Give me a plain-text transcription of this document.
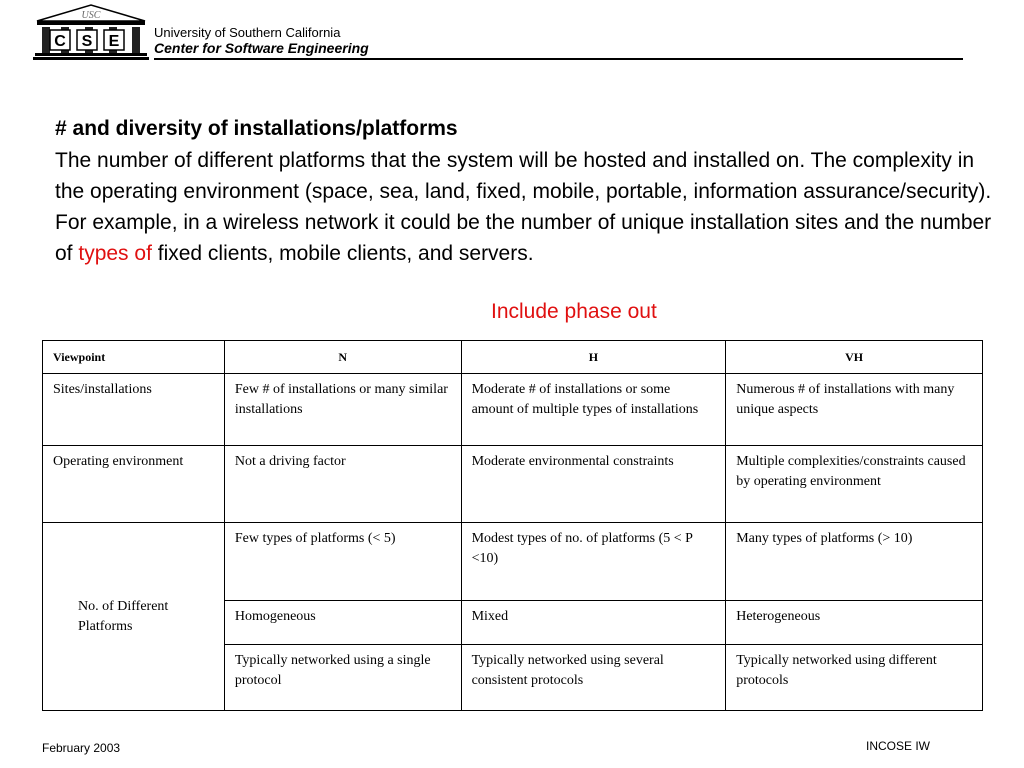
USC
C S E
University of Southern California
Center for Software Engineering
# and diversity of installations/platforms
The number of different platforms that the system will be hosted and installed on. The complexity in the operating environment (space, sea, land, fixed, mobile, portable, information assurance/security). For example, in a wireless network it could be the number of unique installation sites and the number of types of fixed clients, mobile clients, and servers.
Include phase out
Viewpoint	N	H	VH
Sites/installations	Few # of installations or many similar installations	Moderate # of installations or some amount of multiple types of installations	Numerous # of installations with many unique aspects
Operating environment	Not a driving factor	Moderate environmental constraints	Multiple complexities/constraints caused by operating environment
No. of Different Platforms	Few types of platforms (< 5)	Modest types of no. of platforms (5 < P <10)	Many types of platforms (> 10)
	Homogeneous	Mixed	Heterogeneous
	Typically networked using a single protocol	Typically networked using several consistent protocols	Typically networked using different protocols
February 2003	INCOSE IW
